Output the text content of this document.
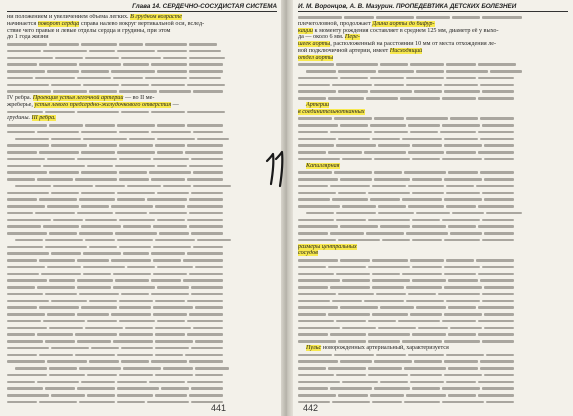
Глава 14. СЕРДЕЧНО-СОСУДИСТАЯ СИСТЕМА
ни положением и увеличением объема легких. В грудном возрасте
начинается поворот сердца справа налево вокруг вертикальной оси, вслед-
ствие чего правые и левые отделы сердца и грудины, при этом
до 1 года жизни
IV ребра. Проекция устья легочной артерии — во II ме-
жреберье, устья левого предсердно-желудочкового отверстия —
грудины. III ребра.
441
И. М. Воронцов, А. В. Мазурин. ПРОПЕДЕВТИКА ДЕТСКИХ БОЛЕЗНЕЙ
плечеголовной, продолжает Длина аорты до бифур-
кации к моменту рождения составляет в среднем 125 мм, диаметр её у выхо-
да — около 6 мм. Пере-
шеек аорты, расположенный на расстоянии 10 мм от места отхождения ле-
вой подключичной артерии, имеет Нисходящий
отдел аорты
Артерии
в соединительнотканных
Капиллярная
размеры центральных
сосудов
Пульс новорожденных артериальный, характеризуется
442
